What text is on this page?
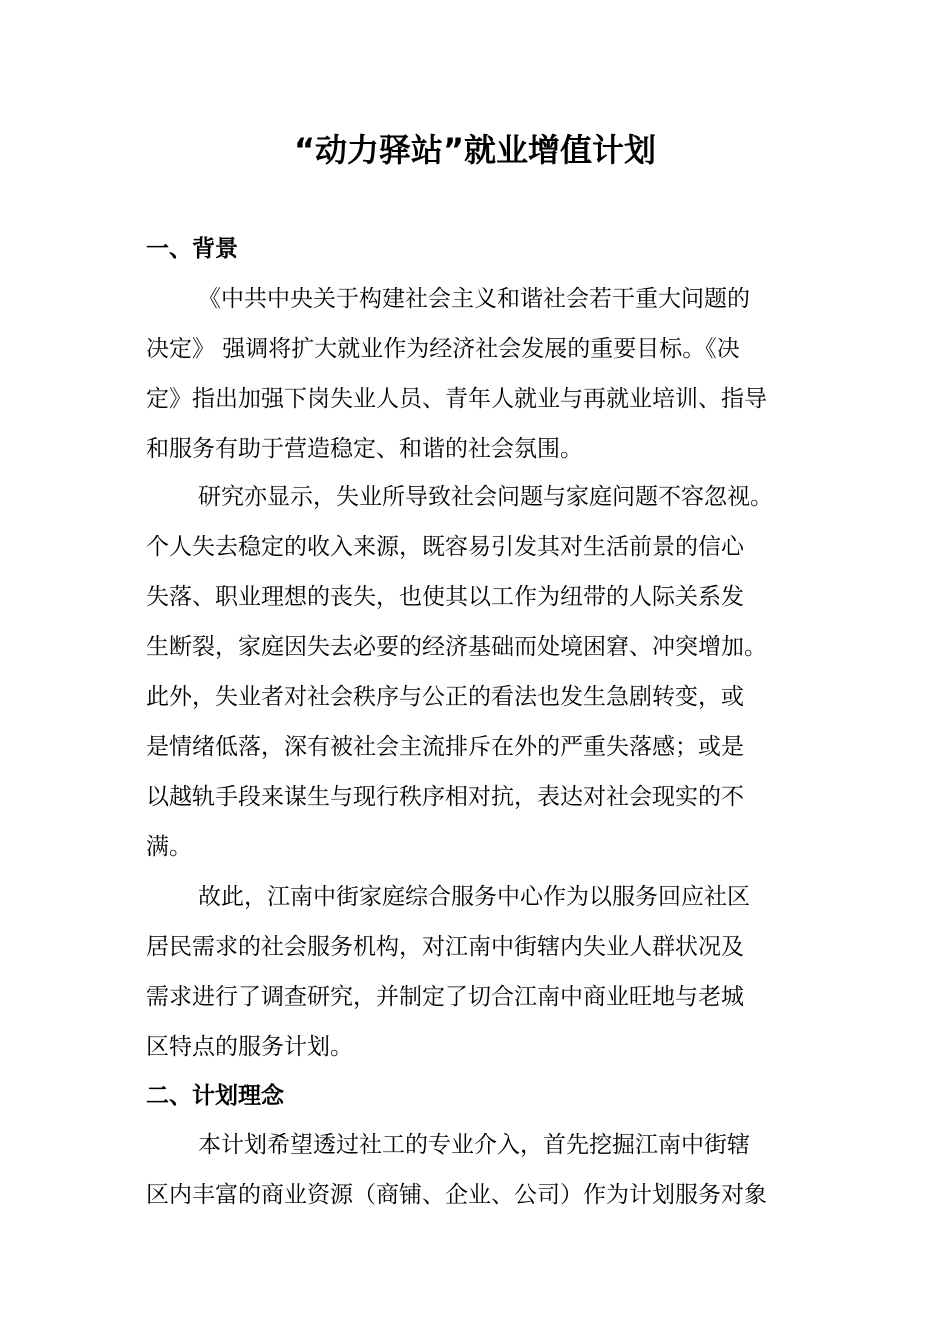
“动力驿站”就业增值计划
一、背景
《中共中央关于构建社会主义和谐社会若干重大问题的
决定》 强调将扩大就业作为经济社会发展的重要目标。《决
定》指出加强下岗失业人员、青年人就业与再就业培训、指导
和服务有助于营造稳定、和谐的社会氛围。
研究亦显示，失业所导致社会问题与家庭问题不容忽视。
个人失去稳定的收入来源，既容易引发其对生活前景的信心
失落、职业理想的丧失，也使其以工作为纽带的人际关系发
生断裂，家庭因失去必要的经济基础而处境困窘、冲突增加。
此外，失业者对社会秩序与公正的看法也发生急剧转变，或
是情绪低落，深有被社会主流排斥在外的严重失落感；或是
以越轨手段来谋生与现行秩序相对抗，表达对社会现实的不
满。
故此，江南中街家庭综合服务中心作为以服务回应社区
居民需求的社会服务机构，对江南中街辖内失业人群状况及
需求进行了调查研究，并制定了切合江南中商业旺地与老城
区特点的服务计划。
二、计划理念
本计划希望透过社工的专业介入，首先挖掘江南中街辖
区内丰富的商业资源（商铺、企业、公司）作为计划服务对象
